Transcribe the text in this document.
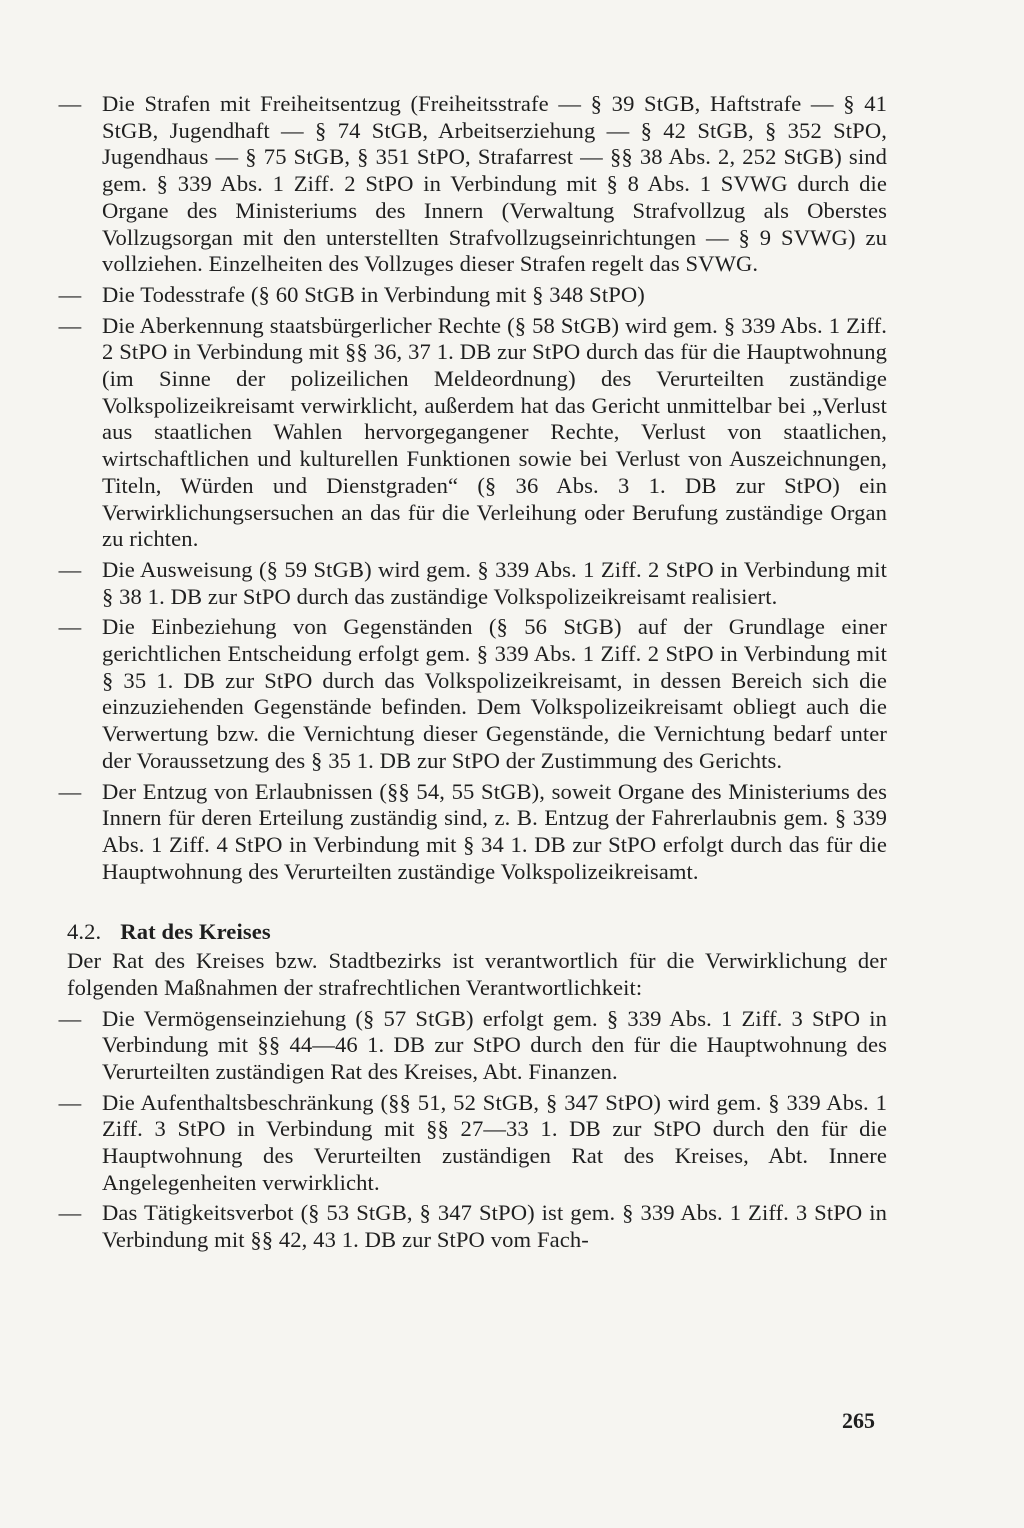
— Die Strafen mit Freiheitsentzug (Freiheitsstrafe — § 39 StGB, Haftstrafe — § 41 StGB, Jugendhaft — § 74 StGB, Arbeitserziehung — § 42 StGB, § 352 StPO, Jugendhaus — § 75 StGB, § 351 StPO, Strafarrest — §§ 38 Abs. 2, 252 StGB) sind gem. § 339 Abs. 1 Ziff. 2 StPO in Verbindung mit § 8 Abs. 1 SVWG durch die Organe des Ministeriums des Innern (Verwaltung Strafvollzug als Oberstes Vollzugsorgan mit den unterstellten Strafvollzugseinrichtungen — § 9 SVWG) zu vollziehen. Einzelheiten des Vollzuges dieser Strafen regelt das SVWG.
— Die Todesstrafe (§ 60 StGB in Verbindung mit § 348 StPO)
— Die Aberkennung staatsbürgerlicher Rechte (§ 58 StGB) wird gem. § 339 Abs. 1 Ziff. 2 StPO in Verbindung mit §§ 36, 37 1. DB zur StPO durch das für die Hauptwohnung (im Sinne der polizeilichen Meldeordnung) des Verurteilten zuständige Volkspolizeikreisamt verwirklicht, außerdem hat das Gericht unmittelbar bei „Verlust aus staatlichen Wahlen hervorgegangener Rechte, Verlust von staatlichen, wirtschaftlichen und kulturellen Funktionen sowie bei Verlust von Auszeichnungen, Titeln, Würden und Dienstgraden“ (§ 36 Abs. 3 1. DB zur StPO) ein Verwirklichungsersuchen an das für die Verleihung oder Berufung zuständige Organ zu richten.
— Die Ausweisung (§ 59 StGB) wird gem. § 339 Abs. 1 Ziff. 2 StPO in Verbindung mit § 38 1. DB zur StPO durch das zuständige Volkspolizeikreisamt realisiert.
— Die Einbeziehung von Gegenständen (§ 56 StGB) auf der Grundlage einer gerichtlichen Entscheidung erfolgt gem. § 339 Abs. 1 Ziff. 2 StPO in Verbindung mit § 35 1. DB zur StPO durch das Volkspolizeikreisamt, in dessen Bereich sich die einzuziehenden Gegenstände befinden. Dem Volkspolizeikreisamt obliegt auch die Verwertung bzw. die Vernichtung dieser Gegenstände, die Vernichtung bedarf unter der Voraussetzung des § 35 1. DB zur StPO der Zustimmung des Gerichts.
— Der Entzug von Erlaubnissen (§§ 54, 55 StGB), soweit Organe des Ministeriums des Innern für deren Erteilung zuständig sind, z. B. Entzug der Fahrerlaubnis gem. § 339 Abs. 1 Ziff. 4 StPO in Verbindung mit § 34 1. DB zur StPO erfolgt durch das für die Hauptwohnung des Verurteilten zuständige Volkspolizeikreisamt.
4.2. Rat des Kreises
Der Rat des Kreises bzw. Stadtbezirks ist verantwortlich für die Verwirklichung der folgenden Maßnahmen der strafrechtlichen Verantwortlichkeit:
— Die Vermögenseinziehung (§ 57 StGB) erfolgt gem. § 339 Abs. 1 Ziff. 3 StPO in Verbindung mit §§ 44—46 1. DB zur StPO durch den für die Hauptwohnung des Verurteilten zuständigen Rat des Kreises, Abt. Finanzen.
— Die Aufenthaltsbeschränkung (§§ 51, 52 StGB, § 347 StPO) wird gem. § 339 Abs. 1 Ziff. 3 StPO in Verbindung mit §§ 27—33 1. DB zur StPO durch den für die Hauptwohnung des Verurteilten zuständigen Rat des Kreises, Abt. Innere Angelegenheiten verwirklicht.
— Das Tätigkeitsverbot (§ 53 StGB, § 347 StPO) ist gem. § 339 Abs. 1 Ziff. 3 StPO in Verbindung mit §§ 42, 43 1. DB zur StPO vom Fach-
265
